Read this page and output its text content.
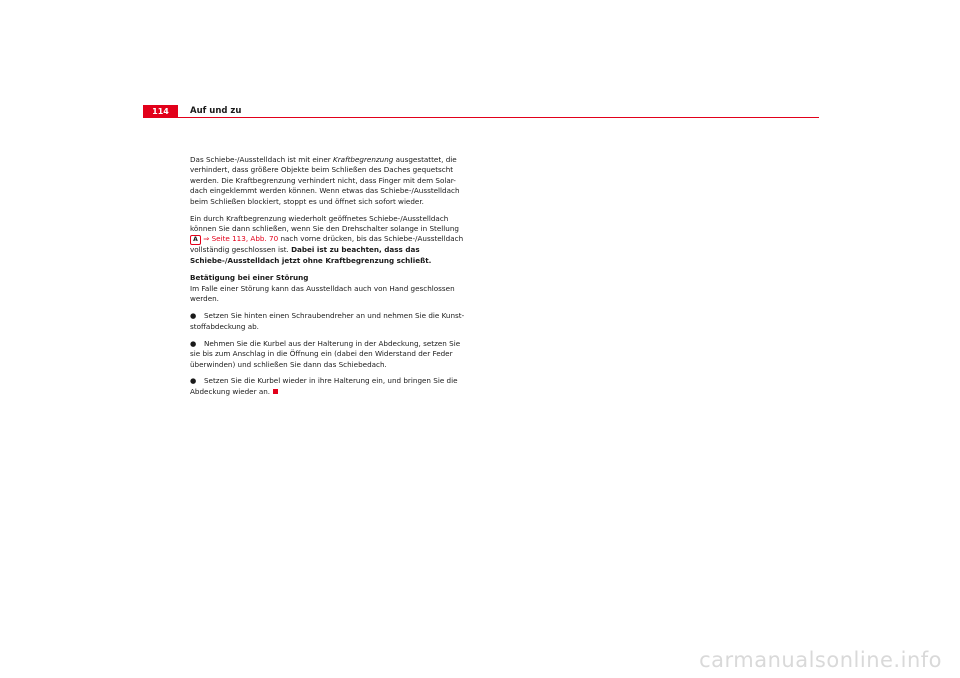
114	Auf und zu

Das Schiebe-/Ausstelldach ist mit einer Kraftbegrenzung ausgestattet, die verhindert, dass größere Objekte beim Schließen des Daches gequetscht werden. Die Kraftbegrenzung verhindert nicht, dass Finger mit dem Solar-dach eingeklemmt werden können. Wenn etwas das Schiebe-/Ausstelldach beim Schließen blockiert, stoppt es und öffnet sich sofort wieder.

Ein durch Kraftbegrenzung wiederholt geöffnetes Schiebe-/Ausstelldach können Sie dann schließen, wenn Sie den Drehschalter solange in Stellung A ⇒ Seite 113, Abb. 70 nach vorne drücken, bis das Schiebe-/Ausstelldach vollständig geschlossen ist. Dabei ist zu beachten, dass das Schiebe-/Ausstelldach jetzt ohne Kraftbegrenzung schließt.

Betätigung bei einer Störung

Im Falle einer Störung kann das Ausstelldach auch von Hand geschlossen werden.

● Setzen Sie hinten einen Schraubendreher an und nehmen Sie die Kunst-stoffabdeckung ab.

● Nehmen Sie die Kurbel aus der Halterung in der Abdeckung, setzen Sie sie bis zum Anschlag in die Öffnung ein (dabei den Widerstand der Feder überwinden) und schließen Sie dann das Schiebedach.

● Setzen Sie die Kurbel wieder in ihre Halterung ein, und bringen Sie die Abdeckung wieder an.

carmanualsonline.info
